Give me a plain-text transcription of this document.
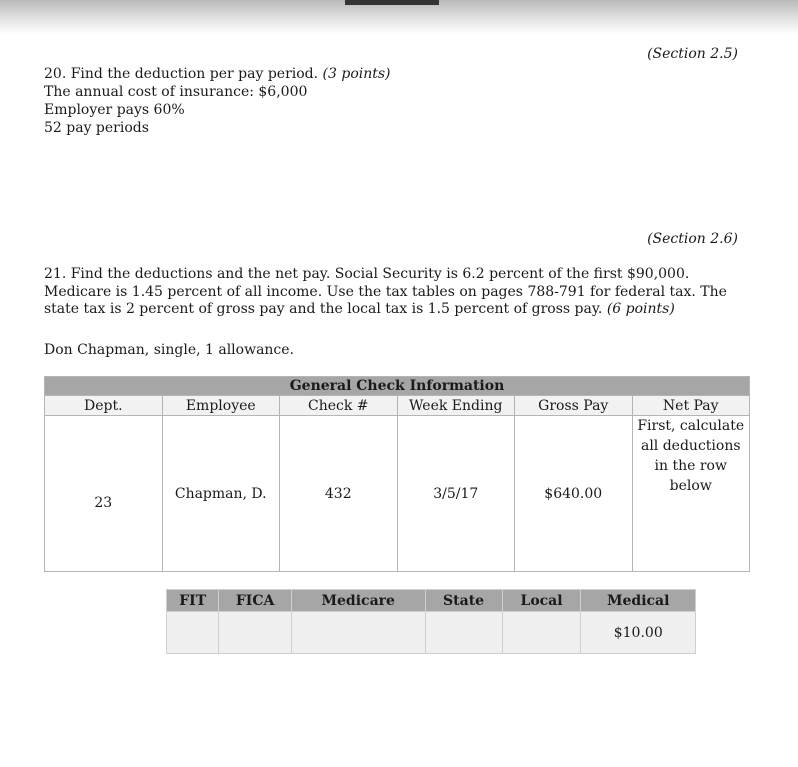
(Section 2.5)
20. Find the deduction per pay period. (3 points)
The annual cost of insurance: $6,000
Employer pays 60%
52 pay periods
(Section 2.6)
21. Find the deductions and the net pay. Social Security is 6.2 percent of the first $90,000. Medicare is 1.45 percent of all income. Use the tax tables on pages 788-791 for federal tax. The state tax is 2 percent of gross pay and the local tax is 1.5 percent of gross pay. (6 points)
Don Chapman, single, 1 allowance.
General Check Information					
Dept.	Employee	Check #	Week Ending	Gross Pay	Net Pay
23	Chapman, D.	432	3/5/17	$640.00	First, calculate all deductions in the row below
FIT	FICA	Medicare	State	Local	Medical
					$10.00
